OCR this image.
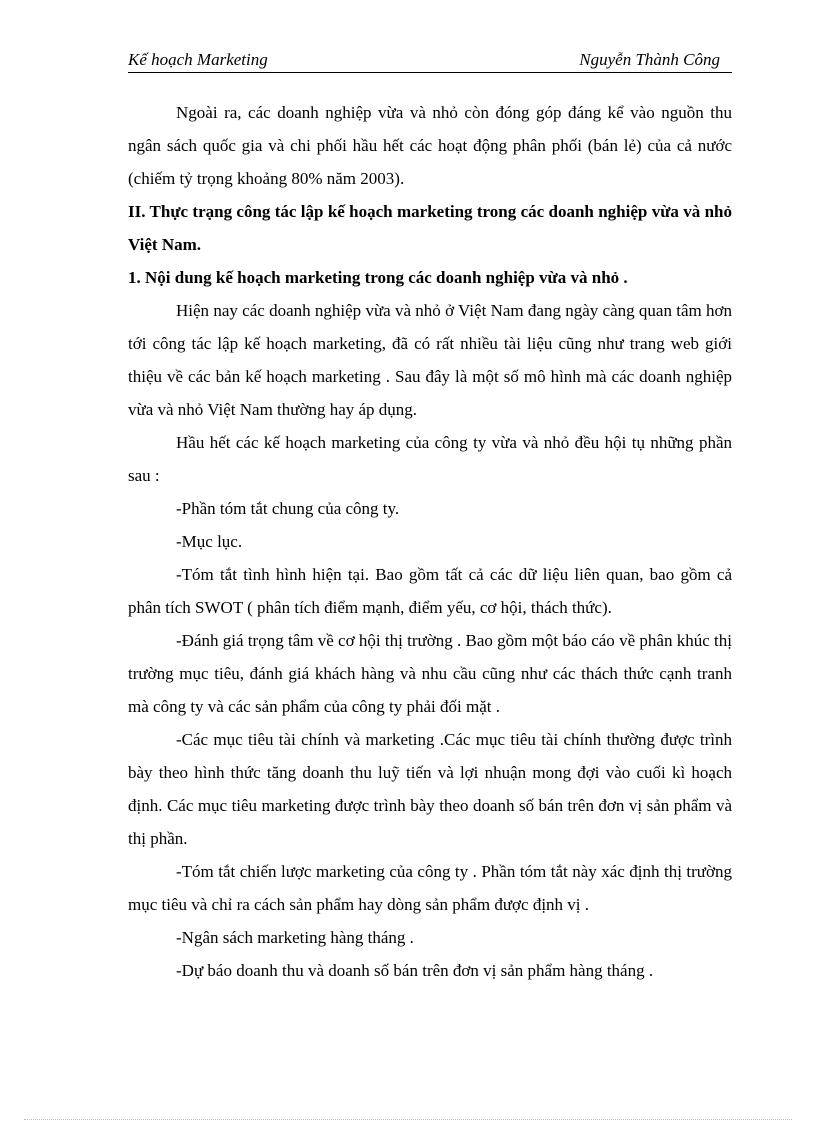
Kế hoạch Marketing	Nguyễn Thành Công

Ngoài ra, các doanh nghiệp vừa và nhỏ còn đóng góp đáng kể vào nguồn thu ngân sách quốc gia và chi phối hầu hết các hoạt động phân phối (bán lẻ) của cả nước (chiếm tỷ trọng khoảng 80% năm 2003).

II. Thực trạng công tác lập kế hoạch marketing trong các doanh nghiệp vừa và nhỏ Việt Nam.

1. Nội dung kế hoạch marketing trong các doanh nghiệp vừa và nhỏ .

Hiện nay các doanh nghiệp vừa và nhỏ ở Việt Nam đang ngày càng quan tâm hơn tới công tác lập kế hoạch marketing, đã có rất nhiều tài liệu cũng như trang web giới thiệu về các bản kế hoạch marketing . Sau đây là một số mô hình mà các doanh nghiệp vừa và nhỏ Việt Nam thường hay áp dụng.

Hầu hết các kế hoạch marketing của công ty vừa và nhỏ đều hội tụ những phần sau :

-Phần tóm tắt chung của công ty.

-Mục lục.

-Tóm tắt tình hình hiện tại. Bao gồm tất cả các dữ liệu liên quan, bao gồm cả phân tích SWOT ( phân tích điểm mạnh, điểm yếu, cơ hội, thách thức).

-Đánh giá trọng tâm về cơ hội thị trường . Bao gồm một báo cáo về phân khúc thị trường mục tiêu, đánh giá khách hàng và nhu cầu cũng như các thách thức cạnh tranh mà công ty và các sản phẩm của công ty phải đối mặt .

-Các mục tiêu tài chính và marketing .Các mục tiêu tài chính thường được trình bày theo hình thức tăng doanh thu luỹ tiến và lợi nhuận mong đợi vào cuối kì hoạch định. Các mục tiêu marketing được trình bày theo doanh số bán trên đơn vị sản phẩm và thị phần.

-Tóm tắt chiến lược marketing của công ty . Phần tóm tắt này xác định thị trường mục tiêu và chỉ ra cách sản phẩm hay dòng sản phẩm được định vị .

-Ngân sách marketing hàng tháng .

-Dự báo doanh thu và doanh số bán trên đơn vị sản phẩm hàng tháng .
